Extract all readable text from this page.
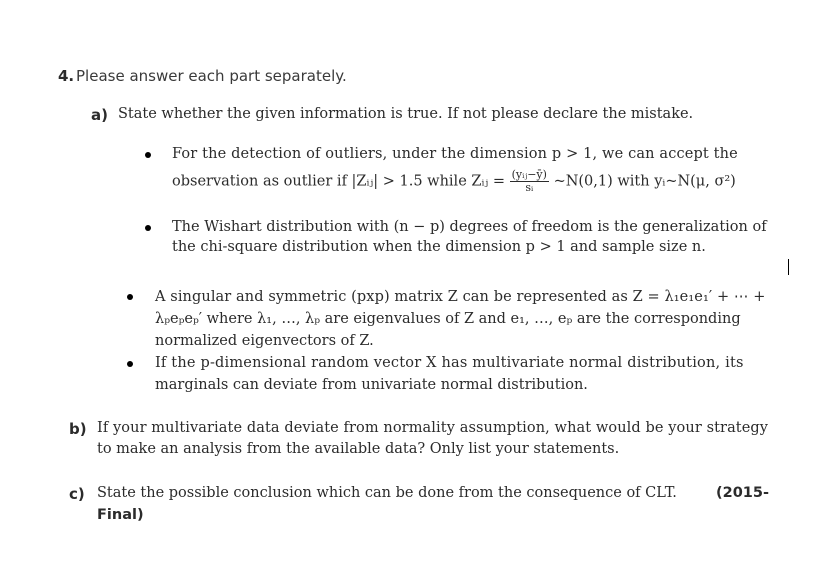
4. Please answer each part separately.
a) State whether the given information is true. If not please declare the mistake.
For the detection of outliers, under the dimension p > 1, we can accept the
observation as outlier if |Zᵢⱼ| > 1.5 while Zᵢⱼ = $\frac{\text{(yᵢⱼ−ȳ)}}{\text{sᵢ}}$ ~N(0,1) with yᵢ~N(μ, σ²)
The Wishart distribution with (n − p) degrees of freedom is the generalization of
the chi-square distribution when the dimension p > 1 and sample size n.
A singular and symmetric (pxp) matrix Z can be represented as Z = λ₁e₁e₁′ + ⋯ +
λₚeₚeₚ′ where λ₁, …, λₚ are eigenvalues of Z and e₁, …, eₚ are the corresponding
normalized eigenvectors of Z.
If the p-dimensional random vector X has multivariate normal distribution, its
marginals can deviate from univariate normal distribution.
b) If your multivariate data deviate from normality assumption, what would be your strategy
to make an analysis from the available data? Only list your statements.
c) State the possible conclusion which can be done from the consequence of CLT.	(2015-
Final)
